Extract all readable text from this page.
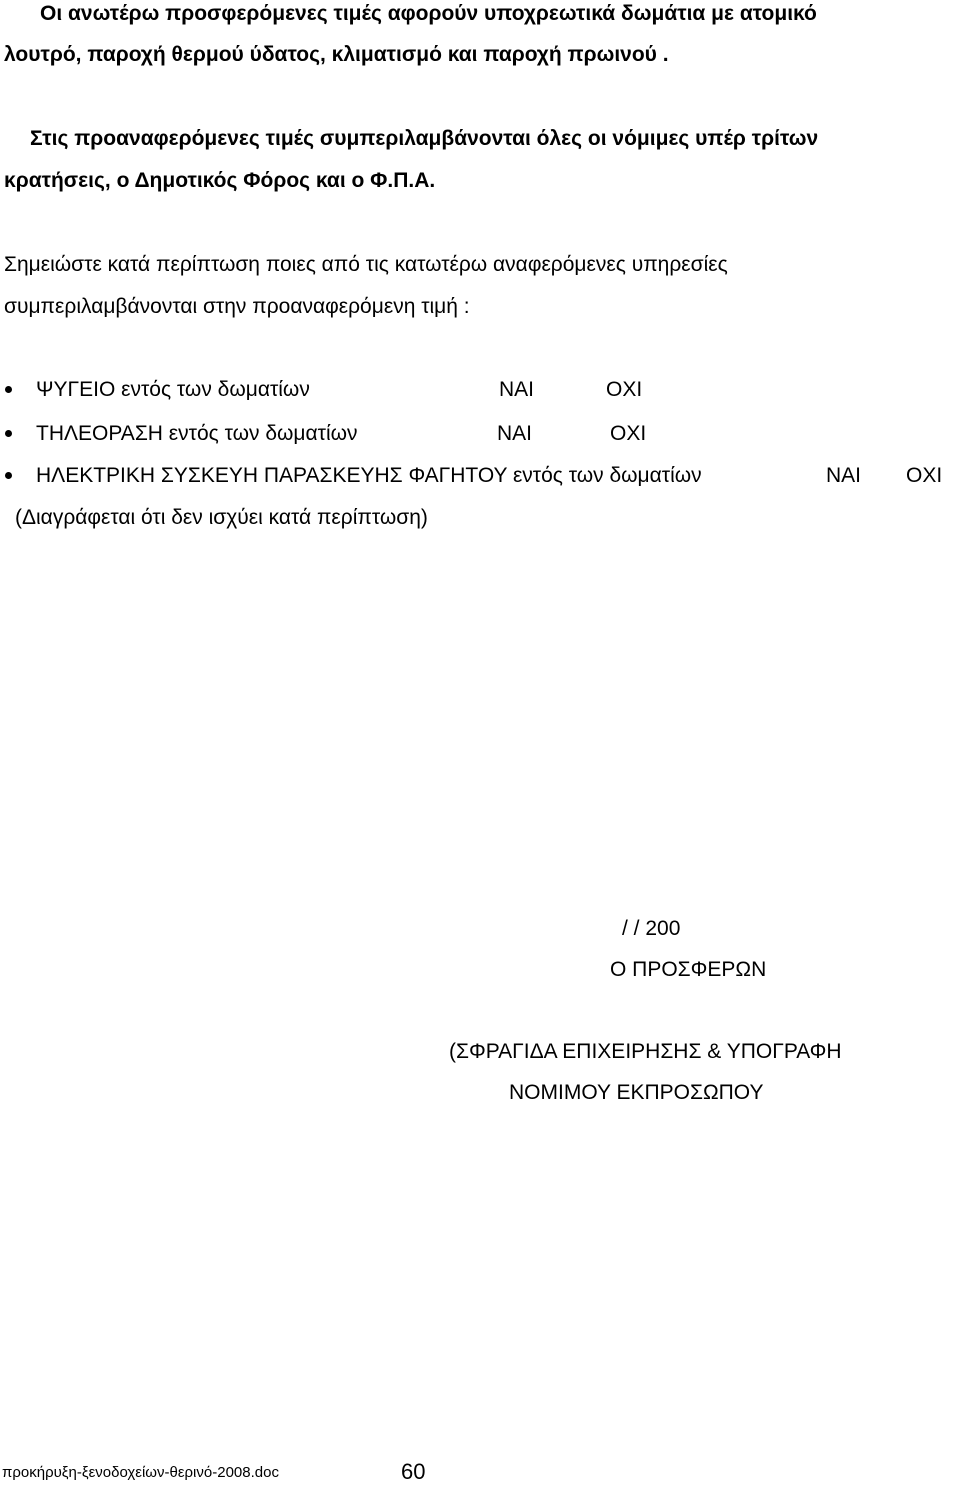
Οι ανωτέρω προσφερόμενες τιμές αφορούν υποχρεωτικά δωμάτια με ατομικό
λουτρό, παροχή θερμού ύδατος, κλιματισμό και παροχή πρωινού .
Στις προαναφερόμενες τιμές συμπεριλαμβάνονται όλες οι νόμιμες υπέρ τρίτων
κρατήσεις, ο Δημοτικός Φόρος και ο Φ.Π.Α.
Σημειώστε κατά περίπτωση ποιες από τις κατωτέρω αναφερόμενες υπηρεσίες
συμπεριλαμβάνονται στην προαναφερόμενη τιμή :
ΨΥΓΕΙΟ εντός των δωματίων	ΝΑΙ	ΟΧΙ
ΤΗΛΕΟΡΑΣΗ εντός των δωματίων	ΝΑΙ	ΟΧΙ
ΗΛΕΚΤΡΙΚΗ ΣΥΣΚΕΥΗ ΠΑΡΑΣΚΕΥΗΣ ΦΑΓΗΤΟΥ εντός των δωματίων	ΝΑΙ ΟΧΙ
(Διαγράφεται ότι δεν ισχύει κατά περίπτωση)
/ / 200
Ο ΠΡΟΣΦΕΡΩΝ
(ΣΦΡΑΓΙΔΑ ΕΠΙΧΕΙΡΗΣΗΣ & ΥΠΟΓΡΑΦΗ
ΝΟΜΙΜΟΥ ΕΚΠΡΟΣΩΠΟΥ
προκήρυξη-ξενοδοχείων-θερινό-2008.doc	60
